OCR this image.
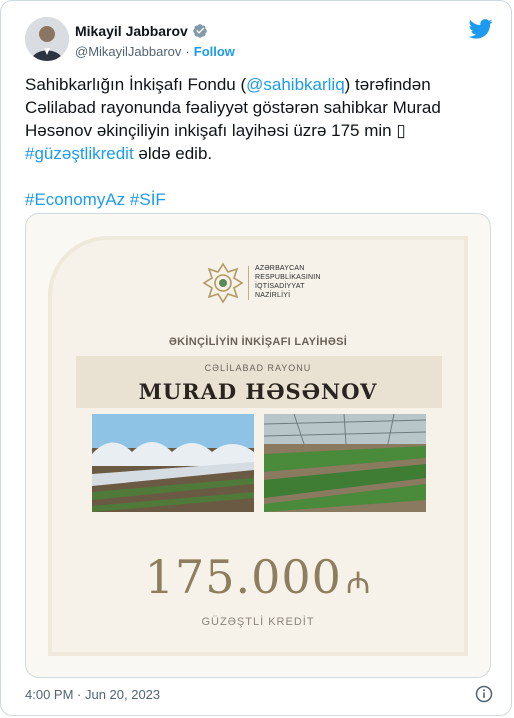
Mikayil Jabbarov
@MikayilJabbarov · Follow

Sahibkarlığın İnkişafı Fondu (@sahibkarliq) tərəfindən Cəlilabad rayonunda fəaliyyət göstərən sahibkar Murad Həsənov əkinçiliyin inkişafı layihəsi üzrə 175 min ▯
#güzəştlikredit əldə edib.

#EconomyAz #SİF

AZƏRBAYCAN
RESPUBLİKASININ
İQTİSADİYYAT
NAZİRLİYİ
ƏKİNÇİLİYİN İNKİŞAFI LAYİHƏSİ
CƏLİLABAD RAYONU
MURAD HƏSƏNOV
175.000 ₼
GÜZƏŞTLİ KREDİT
4:00 PM · Jun 20, 2023
